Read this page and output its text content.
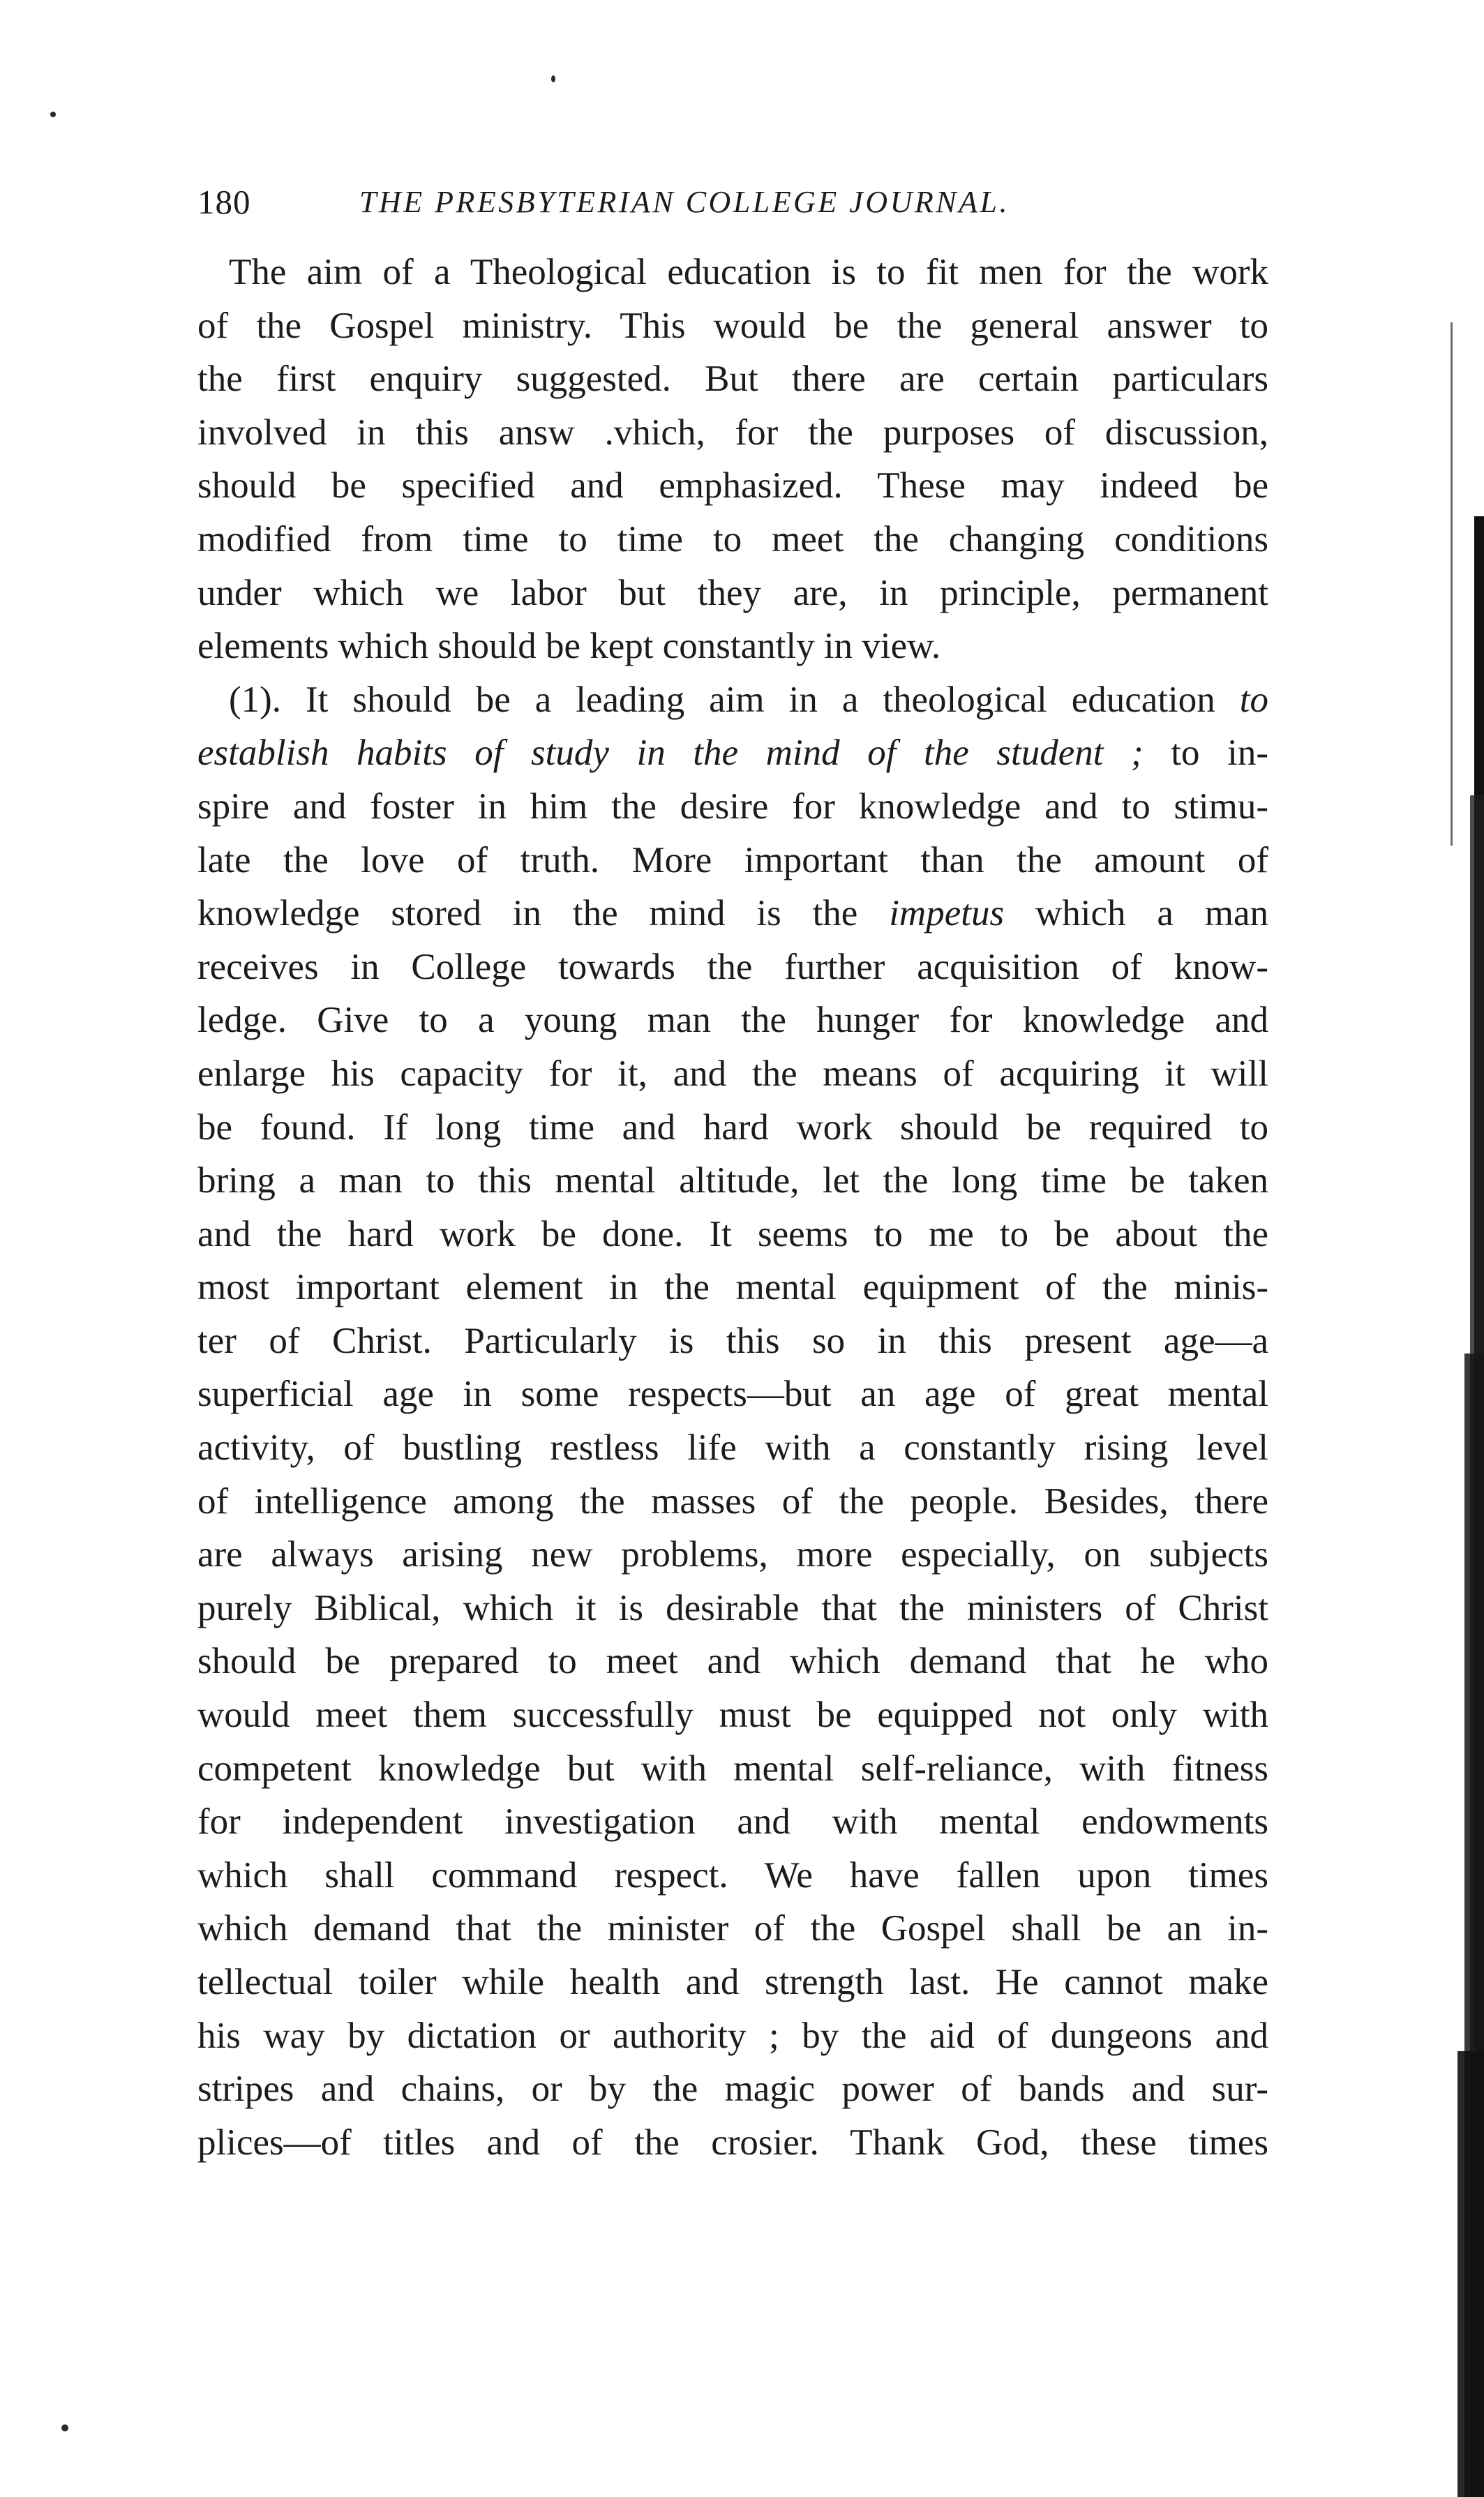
180	THE PRESBYTERIAN COLLEGE JOURNAL.
The aim of a Theological education is to fit men for the work
of the Gospel ministry. This would be the general answer to
the first enquiry suggested. But there are certain particulars
involved in this answ .vhich, for the purposes of discussion,
should be specified and emphasized. These may indeed be
modified from time to time to meet the changing conditions
under which we labor but they are, in principle, permanent
elements which should be kept constantly in view.
(1). It should be a leading aim in a theological education to
establish habits of study in the mind of the student ; to in-
spire and foster in him the desire for knowledge and to stimu-
late the love of truth. More important than the amount of
knowledge stored in the mind is the impetus which a man
receives in College towards the further acquisition of know-
ledge. Give to a young man the hunger for knowledge and
enlarge his capacity for it, and the means of acquiring it will
be found. If long time and hard work should be required to
bring a man to this mental altitude, let the long time be taken
and the hard work be done. It seems to me to be about the
most important element in the mental equipment of the minis-
ter of Christ. Particularly is this so in this present age—a
superficial age in some respects—but an age of great mental
activity, of bustling restless life with a constantly rising level
of intelligence among the masses of the people. Besides, there
are always arising new problems, more especially, on subjects
purely Biblical, which it is desirable that the ministers of Christ
should be prepared to meet and which demand that he who
would meet them successfully must be equipped not only with
competent knowledge but with mental self-reliance, with fitness
for independent investigation and with mental endowments
which shall command respect. We have fallen upon times
which demand that the minister of the Gospel shall be an in-
tellectual toiler while health and strength last. He cannot make
his way by dictation or authority ; by the aid of dungeons and
stripes and chains, or by the magic power of bands and sur-
plices—of titles and of the crosier. Thank God, these times
